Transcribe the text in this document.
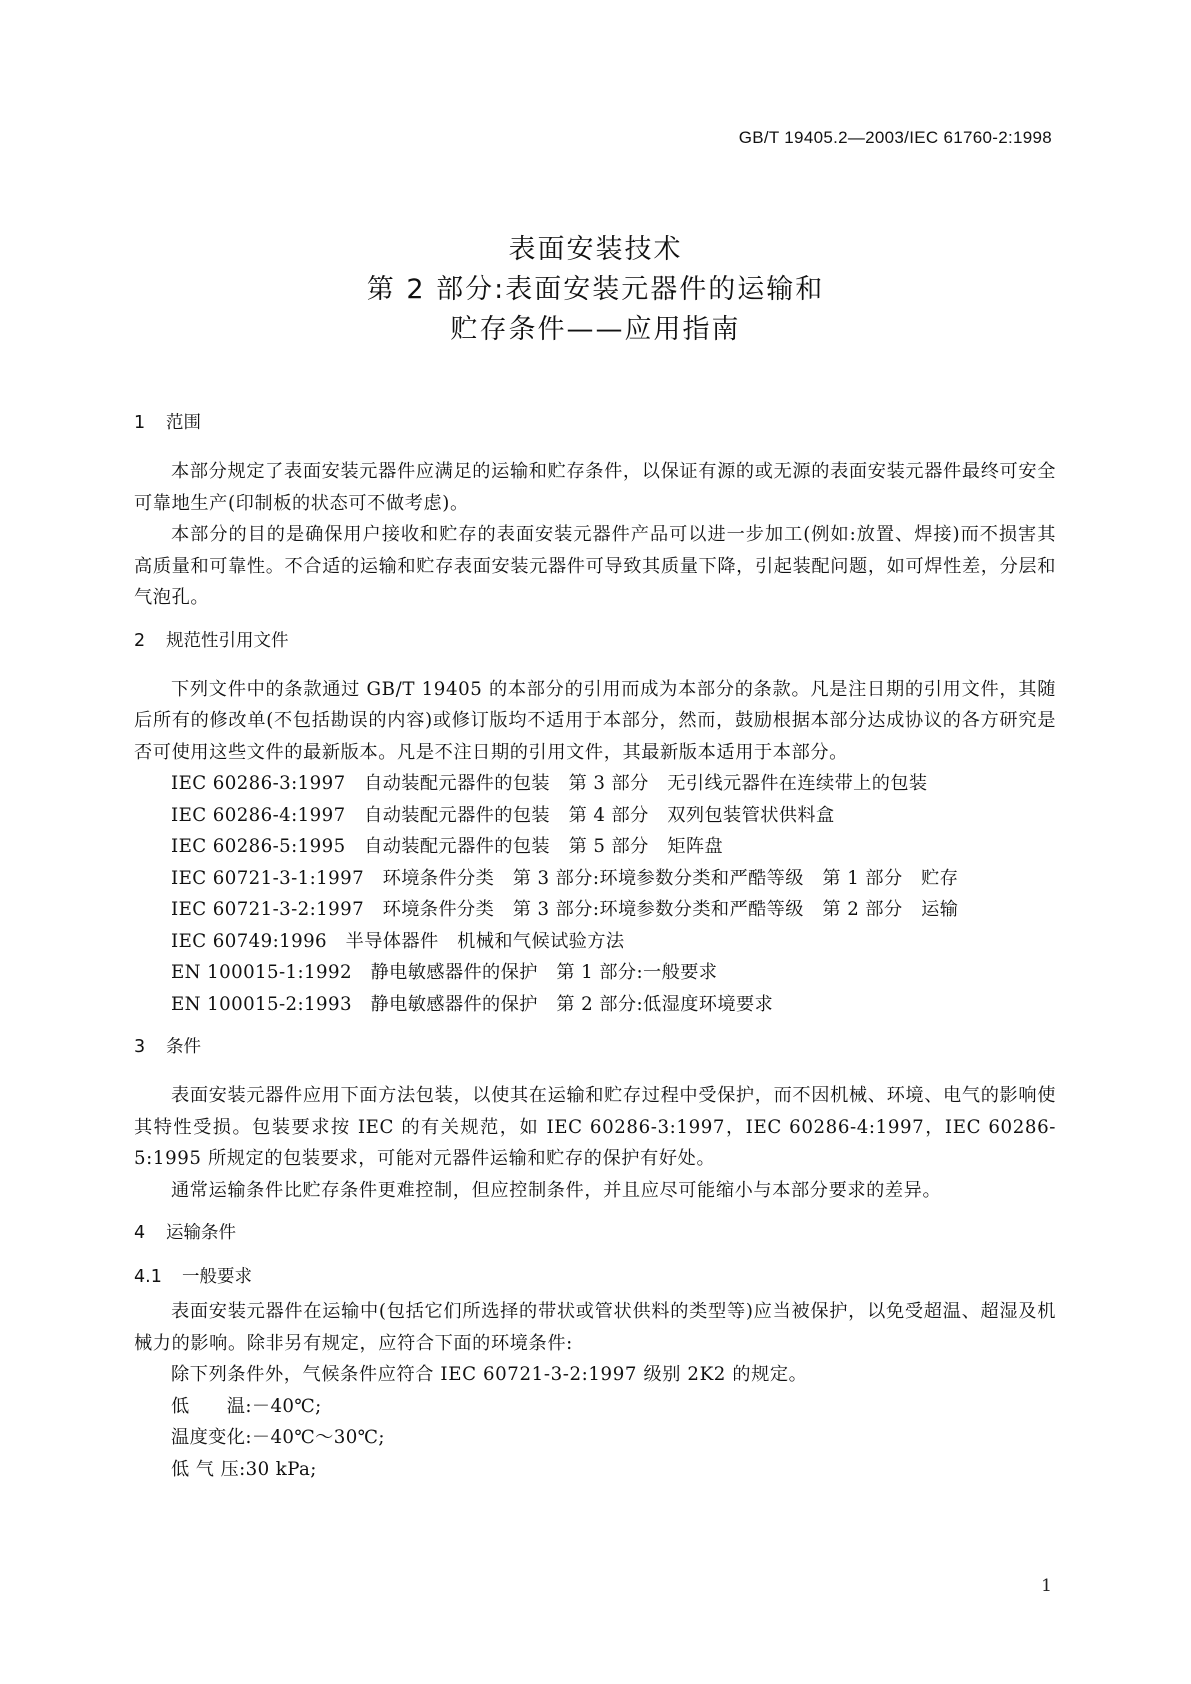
GB/T 19405.2—2003/IEC 61760-2:1998
表面安装技术
第 2 部分:表面安装元器件的运输和
贮存条件——应用指南
1 范围

本部分规定了表面安装元器件应满足的运输和贮存条件，以保证有源的或无源的表面安装元器件最终可安全可靠地生产(印制板的状态可不做考虑)。

本部分的目的是确保用户接收和贮存的表面安装元器件产品可以进一步加工(例如:放置、焊接)而不损害其高质量和可靠性。不合适的运输和贮存表面安装元器件可导致其质量下降，引起装配问题，如可焊性差，分层和气泡孔。

2 规范性引用文件

下列文件中的条款通过 GB/T 19405 的本部分的引用而成为本部分的条款。凡是注日期的引用文件，其随后所有的修改单(不包括勘误的内容)或修订版均不适用于本部分，然而，鼓励根据本部分达成协议的各方研究是否可使用这些文件的最新版本。凡是不注日期的引用文件，其最新版本适用于本部分。

IEC 60286-3:1997　自动装配元器件的包装　第 3 部分　无引线元器件在连续带上的包装
IEC 60286-4:1997　自动装配元器件的包装　第 4 部分　双列包装管状供料盒
IEC 60286-5:1995　自动装配元器件的包装　第 5 部分　矩阵盘
IEC 60721-3-1:1997　环境条件分类　第 3 部分:环境参数分类和严酷等级　第 1 部分　贮存
IEC 60721-3-2:1997　环境条件分类　第 3 部分:环境参数分类和严酷等级　第 2 部分　运输
IEC 60749:1996　半导体器件　机械和气候试验方法
EN 100015-1:1992　静电敏感器件的保护　第 1 部分:一般要求
EN 100015-2:1993　静电敏感器件的保护　第 2 部分:低湿度环境要求
3 条件

表面安装元器件应用下面方法包装，以使其在运输和贮存过程中受保护，而不因机械、环境、电气的影响使其特性受损。包装要求按 IEC 的有关规范，如 IEC 60286-3:1997，IEC 60286-4:1997，IEC 60286-5:1995 所规定的包装要求，可能对元器件运输和贮存的保护有好处。

通常运输条件比贮存条件更难控制，但应控制条件，并且应尽可能缩小与本部分要求的差异。

4 运输条件
4.1 一般要求

表面安装元器件在运输中(包括它们所选择的带状或管状供料的类型等)应当被保护，以免受超温、超湿及机械力的影响。除非另有规定，应符合下面的环境条件:

除下列条件外，气候条件应符合 IEC 60721-3-2:1997 级别 2K2 的规定。

低　　温:－40℃;
温度变化:－40℃～30℃;
低 气 压:30 kPa;
1
